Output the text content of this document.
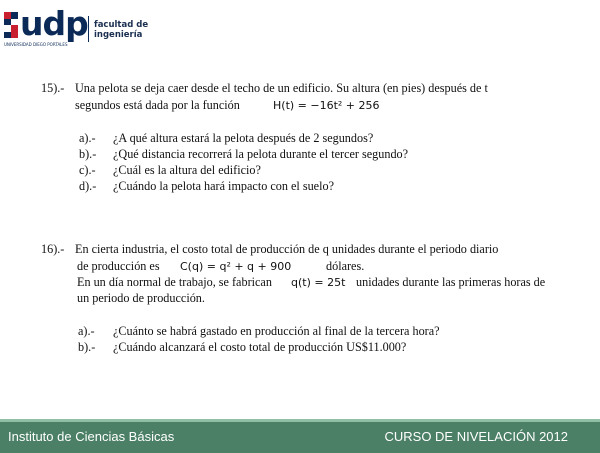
udp
UNIVERSIDAD DIEGO PORTALES
facultad de
ingeniería
15).- Una pelota se deja caer desde el techo de un edificio. Su altura (en pies) después de t
segundos está dada por la función	H(t) = −16t² + 256
a).- ¿A qué altura estará la pelota después de 2 segundos?
b).- ¿Qué distancia recorrerá la pelota durante el tercer segundo?
c).- ¿Cuál es la altura del edificio?
d).- ¿Cuándo la pelota hará impacto con el suelo?
16).- En cierta industria, el costo total de producción de q unidades durante el periodo diario
de producción es C(q) = q² + q + 900	dólares.
En un día normal de trabajo, se fabrican q(t) = 25t unidades durante las primeras horas de
un periodo de producción.
a).- ¿Cuánto se habrá gastado en producción al final de la tercera hora?
b).- ¿Cuándo alcanzará el costo total de producción US$11.000?
Instituto de Ciencias Básicas	CURSO DE NIVELACIÓN 2012
